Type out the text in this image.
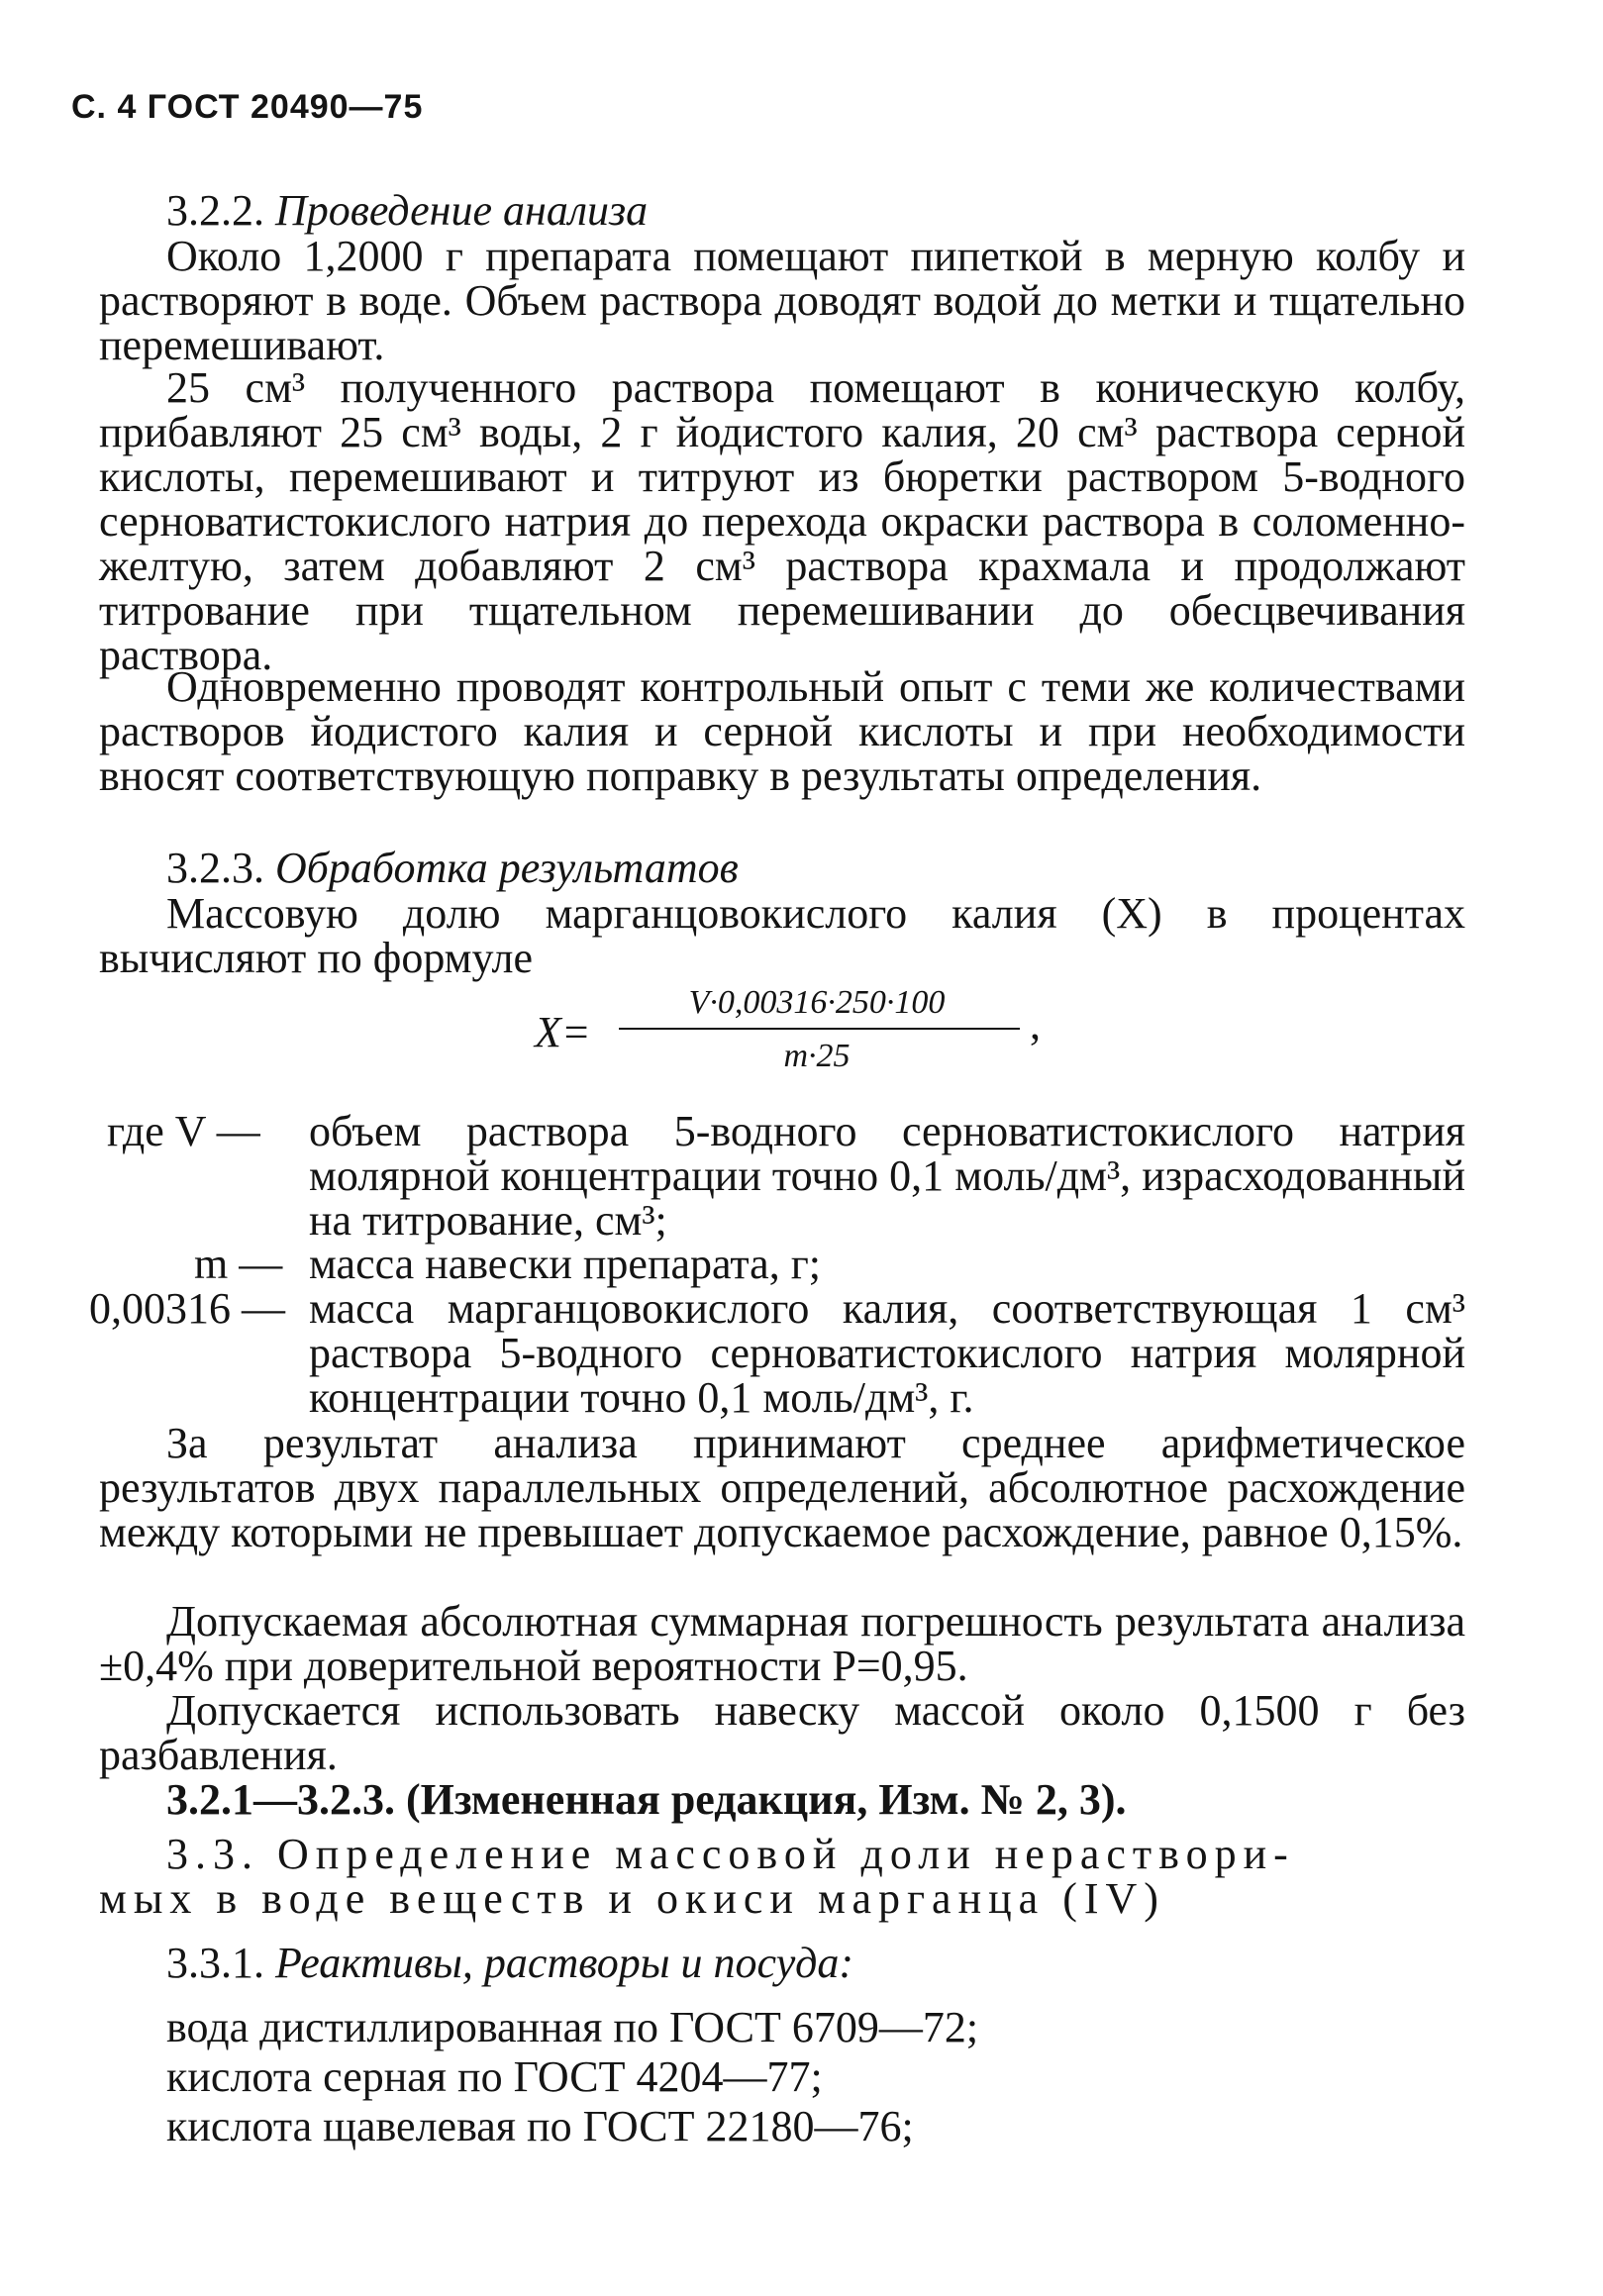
С. 4 ГОСТ 20490—75
3.2.2. Проведение анализа

Около 1,2000 г препарата помещают пипеткой в мерную колбу и растворяют в воде. Объем раствора доводят водой до метки и тщательно перемешивают.

25 см³ полученного раствора помещают в коническую колбу, прибавляют 25 см³ воды, 2 г йодистого калия, 20 см³ раствора серной кислоты, перемешивают и титруют из бюретки раствором 5-водного серноватистокислого натрия до перехода окраски раствора в соломенно-желтую, затем добавляют 2 см³ раствора крахмала и продолжают титрование при тщательном перемешивании до обесцвечивания раствора.

Одновременно проводят контрольный опыт с теми же количествами растворов йодистого калия и серной кислоты и при необходимости вносят соответствующую поправку в результаты определения.

3.2.3. Обработка результатов

Массовую долю марганцовокислого калия (X) в процентах вычисляют по формуле

X=
V·0,00316·250·100
m·25
,
где V — объем раствора 5-водного серноватистокислого натрия молярной концентрации точно 0,1 моль/дм³, израсходованный на титрование, см³;

m — масса навески препарата, г;

0,00316 — масса марганцовокислого калия, соответствующая 1 см³ раствора 5-водного серноватистокислого натрия молярной концентрации точно 0,1 моль/дм³, г.

За результат анализа принимают среднее арифметическое результатов двух параллельных определений, абсолютное расхождение между которыми не превышает допускаемое расхождение, равное 0,15%.

Допускаемая абсолютная суммарная погрешность результата анализа ±0,4% при доверительной вероятности Р=0,95.

Допускается использовать навеску массой около 0,1500 г без разбавления.

3.2.1—3.2.3. (Измененная редакция, Изм. № 2, 3).
3.3. Определение массовой доли нераствори-
мых в воде веществ и окиси марганца (IV)
3.3.1. Реактивы, растворы и посуда:
вода дистиллированная по ГОСТ 6709—72;
кислота серная по ГОСТ 4204—77;
кислота щавелевая по ГОСТ 22180—76;
